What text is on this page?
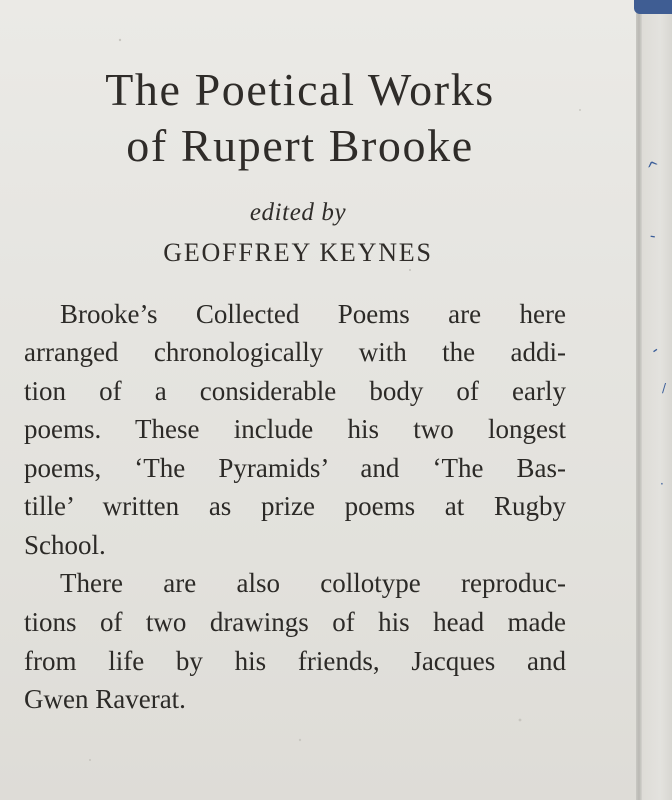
The Poetical Works
of Rupert Brooke
edited by
GEOFFREY KEYNES
Brooke’s Collected Poems are here
arranged chronologically with the addi-
tion of a considerable body of early
poems. These include his two longest
poems, ‘The Pyramids’ and ‘The Bas-
tille’ written as prize poems at Rugby
School.
There are also collotype reproduc-
tions of two drawings of his head made
from life by his friends, Jacques and
Gwen Raverat.
^
-
-
/
·
